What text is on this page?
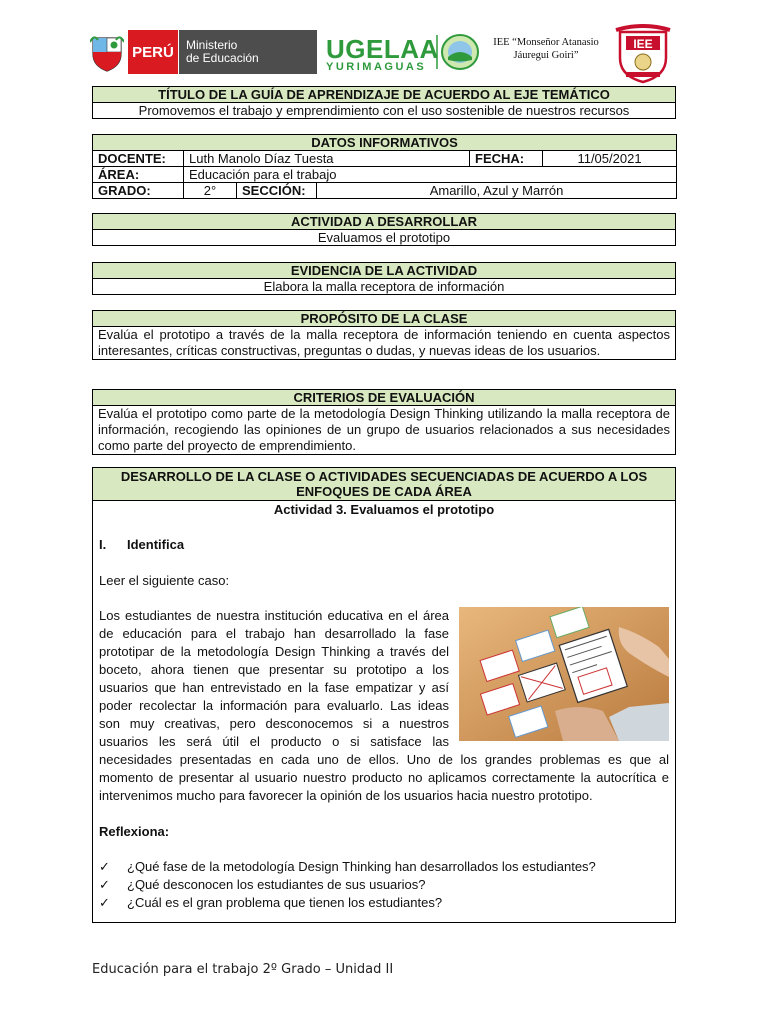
PERÚ Ministerio
de Educación	UGELAA
YURIMAGUAS
IEE “Monseñor Atanasio
Jáuregui Goiri”
IEE
TÍTULO DE LA GUÍA DE APRENDIZAJE DE ACUERDO AL EJE TEMÁTICO
Promovemos el trabajo y emprendimiento con el uso sostenible de nuestros recursos
DATOS INFORMATIVOS					
DOCENTE:	Luth Manolo Díaz Tuesta			FECHA:	11/05/2021
ÁREA:	Educación para el trabajo				
GRADO:	2°	SECCIÓN:	Amarillo, Azul y Marrón		
ACTIVIDAD A DESARROLLAR
Evaluamos el prototipo
EVIDENCIA DE LA ACTIVIDAD
Elabora la malla receptora de información
PROPÓSITO DE LA CLASE
Evalúa el prototipo a través de la malla receptora de información teniendo en cuenta aspectos interesantes, críticas constructivas, preguntas o dudas, y nuevas ideas de los usuarios.
CRITERIOS DE EVALUACIÓN
Evalúa el prototipo como parte de la metodología Design Thinking utilizando la malla receptora de información, recogiendo las opiniones de un grupo de usuarios relacionados a sus necesidades como parte del proyecto de emprendimiento.
DESARROLLO DE LA CLASE O ACTIVIDADES SECUENCIADAS DE ACUERDO A LOS ENFOQUES DE CADA ÁREA
Actividad 3. Evaluamos el prototipo
I.	Identifica
Leer el siguiente caso:
Los estudiantes de nuestra institución educativa en el área de educación para el trabajo han desarrollado la fase prototipar de la metodología Design Thinking a través del boceto, ahora tienen que presentar su prototipo a los usuarios que han entrevistado en la fase empatizar y así poder recolectar la información para evaluarlo. Las ideas son muy creativas, pero desconocemos si a nuestros usuarios les será útil el producto o si satisface las necesidades presentadas en cada uno de ellos. Uno de los grandes problemas es que al momento de presentar al usuario nuestro producto no aplicamos correctamente la autocrítica e intervenimos mucho para favorecer la opinión de los usuarios hacia nuestro prototipo.
Reflexiona:
✓	¿Qué fase de la metodología Design Thinking han desarrollados los estudiantes?
✓	¿Qué desconocen los estudiantes de sus usuarios?
✓	¿Cuál es el gran problema que tienen los estudiantes?
Educación para el trabajo 2º Grado – Unidad II
